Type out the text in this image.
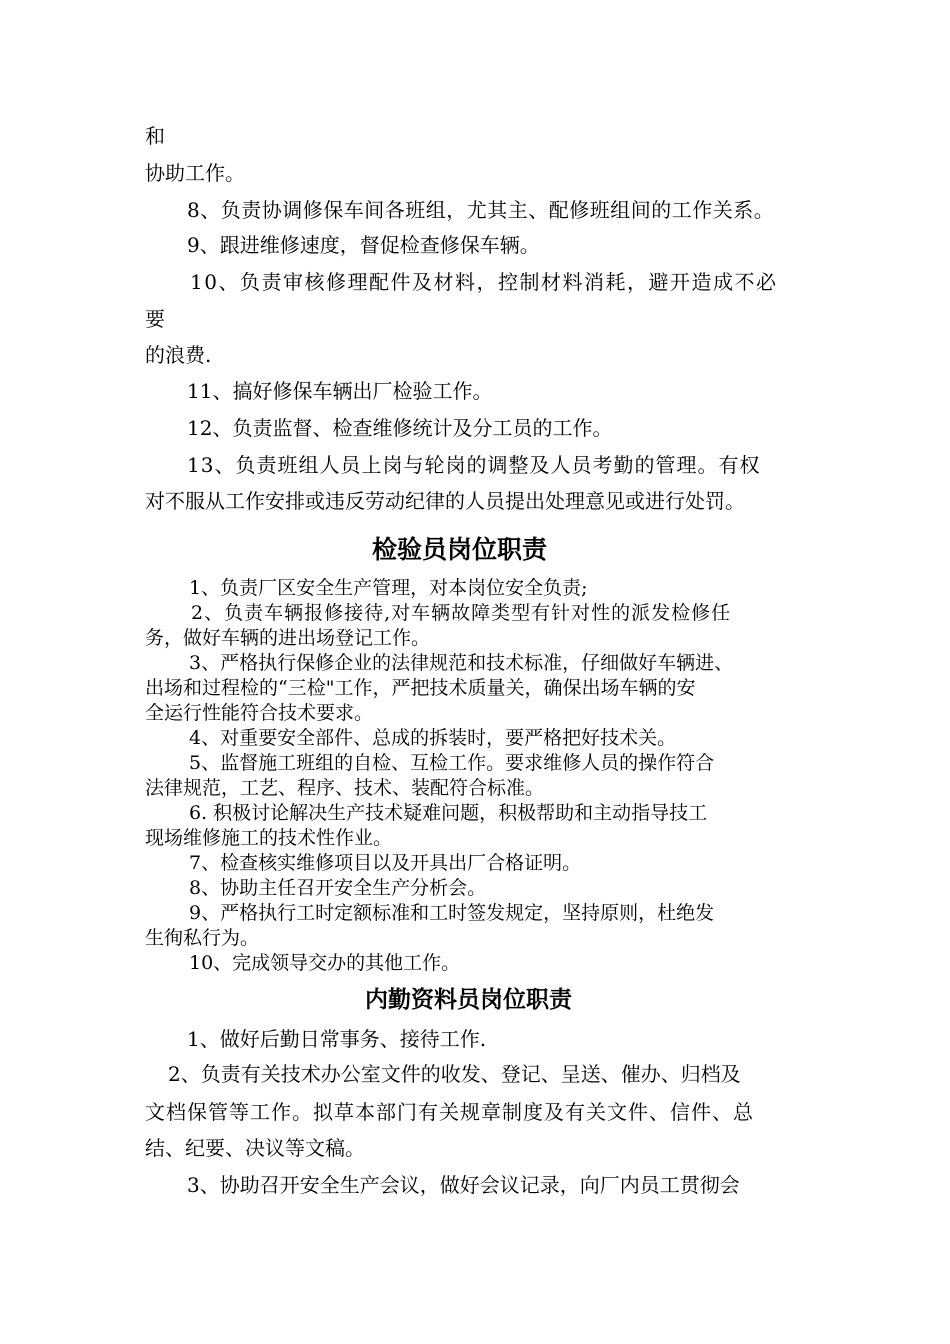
和
协助工作。
8、负责协调修保车间各班组，尤其主、配修班组间的工作关系。
9、跟进维修速度，督促检查修保车辆。
10、负责审核修理配件及材料，控制材料消耗，避开造成不必
要
的浪费.
11、搞好修保车辆出厂检验工作。
12、负责监督、检查维修统计及分工员的工作。
13、负责班组人员上岗与轮岗的调整及人员考勤的管理。有权
对不服从工作安排或违反劳动纪律的人员提出处理意见或进行处罚。
检验员岗位职责
1、负责厂区安全生产管理，对本岗位安全负责;
2、负责车辆报修接待,对车辆故障类型有针对性的派发检修任
务，做好车辆的进出场登记工作。
3、严格执行保修企业的法律规范和技术标准，仔细做好车辆进、
出场和过程检的“三检"工作，严把技术质量关，确保出场车辆的安
全运行性能符合技术要求。
4、对重要安全部件、总成的拆装时，要严格把好技术关。
5、监督施工班组的自检、互检工作。要求维修人员的操作符合
法律规范，工艺、程序、技术、装配符合标准。
6. 积极讨论解决生产技术疑难问题，积极帮助和主动指导技工
现场维修施工的技术性作业。
7、检查核实维修项目以及开具出厂合格证明。
8、协助主任召开安全生产分析会。
9、严格执行工时定额标准和工时签发规定，坚持原则，杜绝发
生徇私行为。
10、完成领导交办的其他工作。
内勤资料员岗位职责
1、做好后勤日常事务、接待工作.
2、负责有关技术办公室文件的收发、登记、呈送、催办、归档及
文档保管等工作。拟草本部门有关规章制度及有关文件、信件、总
结、纪要、决议等文稿。
3、协助召开安全生产会议，做好会议记录，向厂内员工贯彻会
